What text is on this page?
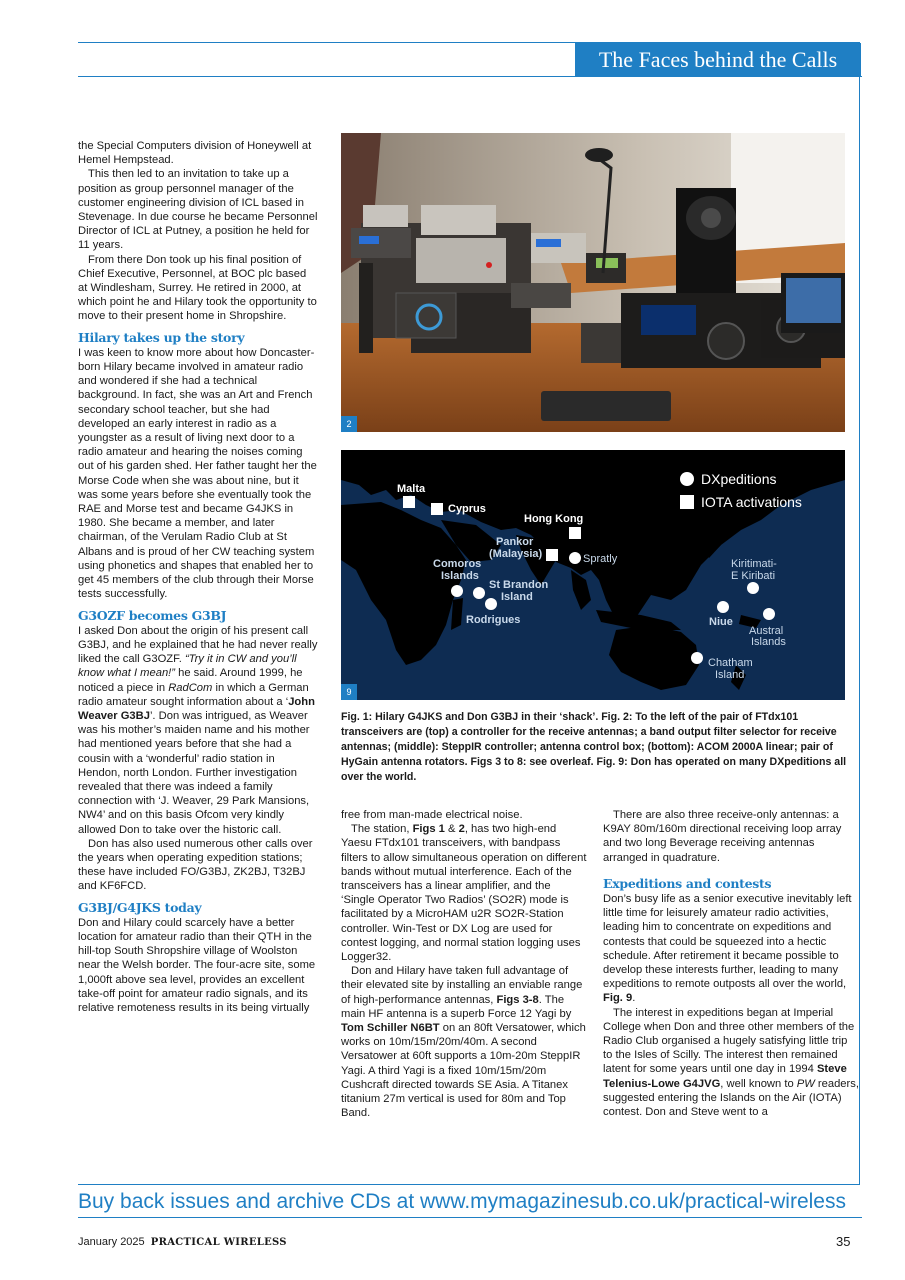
The Faces behind the Calls

the Special Computers division of Honeywell at Hemel Hempstead.

This then led to an invitation to take up a position as group personnel manager of the customer engineering division of ICL based in Stevenage. In due course he became Personnel Director of ICL at Putney, a position he held for 11 years.

From there Don took up his final position of Chief Executive, Personnel, at BOC plc based at Windlesham, Surrey. He retired in 2000, at which point he and Hilary took the opportunity to move to their present home in Shropshire.

Hilary takes up the story

I was keen to know more about how Doncaster-born Hilary became involved in amateur radio and wondered if she had a technical background. In fact, she was an Art and French secondary school teacher, but she had developed an early interest in radio as a youngster as a result of living next door to a radio amateur and hearing the noises coming out of his garden shed. Her father taught her the Morse Code when she was about nine, but it was some years before she eventually took the RAE and Morse test and became G4JKS in 1980. She became a member, and later chairman, of the Verulam Radio Club at St Albans and is proud of her CW teaching system using phonetics and shapes that enabled her to get 45 members of the club through their Morse tests successfully.

G3OZF becomes G3BJ

I asked Don about the origin of his present call G3BJ, and he explained that he had never really liked the call G3OZF. “Try it in CW and you’ll know what I mean!” he said. Around 1999, he noticed a piece in RadCom in which a German radio amateur sought information about a ‘John Weaver G3BJ’. Don was intrigued, as Weaver was his mother’s maiden name and his mother had mentioned years before that she had a cousin with a ‘wonderful’ radio station in Hendon, north London. Further investigation revealed that there was indeed a family connection with ‘J. Weaver, 29 Park Mansions, NW4’ and on this basis Ofcom very kindly allowed Don to take over the historic call.

Don has also used numerous other calls over the years when operating expedition stations; these have included FO/G3BJ, ZK2BJ, T32BJ and KF6FCD.

G3BJ/G4JKS today

Don and Hilary could scarcely have a better location for amateur radio than their QTH in the hill-top South Shropshire village of Woolston near the Welsh border. The four-acre site, some 1,000ft above sea level, provides an excellent take-off point for amateur radio signals, and its relative remoteness results in its being virtually

2
Malta
Cyprus
Hong Kong
Pankor
(Malaysia)	Spratly
Comoros
Islands
St Brandon
Island
Rodrigues
Kiritimati-
E Kiribati
Niue
Austral
Islands
Chatham
Island
DXpeditions
IOTA activations
9
Fig. 1: Hilary G4JKS and Don G3BJ in their ‘shack’. Fig. 2: To the left of the pair of FTdx101 transceivers are (top) a controller for the receive antennas; a band output filter selector for receive antennas; (middle): SteppIR controller; antenna control box; (bottom): ACOM 2000A linear; pair of HyGain antenna rotators. Figs 3 to 8: see overleaf. Fig. 9: Don has operated on many DXpeditions all over the world.

free from man-made electrical noise.

The station, Figs 1 & 2, has two high-end Yaesu FTdx101 transceivers, with bandpass filters to allow simultaneous operation on different bands without mutual interference. Each of the transceivers has a linear amplifier, and the ‘Single Operator Two Radios’ (SO2R) mode is facilitated by a MicroHAM u2R SO2R-Station controller. Win-Test or DX Log are used for contest logging, and normal station logging uses Logger32.

Don and Hilary have taken full advantage of their elevated site by installing an enviable range of high-performance antennas, Figs 3-8. The main HF antenna is a superb Force 12 Yagi by Tom Schiller N6BT on an 80ft Versatower, which works on 10m/15m/20m/40m. A second Versatower at 60ft supports a 10m-20m SteppIR Yagi. A third Yagi is a fixed 10m/15m/20m Cushcraft directed towards SE Asia. A Titanex titanium 27m vertical is used for 80m and Top Band.

There are also three receive-only antennas: a K9AY 80m/160m directional receiving loop array and two long Beverage receiving antennas arranged in quadrature.

Expeditions and contests

Don’s busy life as a senior executive inevitably left little time for leisurely amateur radio activities, leading him to concentrate on expeditions and contests that could be squeezed into a hectic schedule. After retirement it became possible to develop these interests further, leading to many expeditions to remote outposts all over the world, Fig. 9.

The interest in expeditions began at Imperial College when Don and three other members of the Radio Club organised a hugely satisfying little trip to the Isles of Scilly. The interest then remained latent for some years until one day in 1994 Steve Telenius-Lowe G4JVG, well known to PW readers, suggested entering the Islands on the Air (IOTA) contest. Don and Steve went to a

Buy back issues and archive CDs at www.mymagazinesub.co.uk/practical-wireless
January 2025 PRACTICAL WIRELESS	35
